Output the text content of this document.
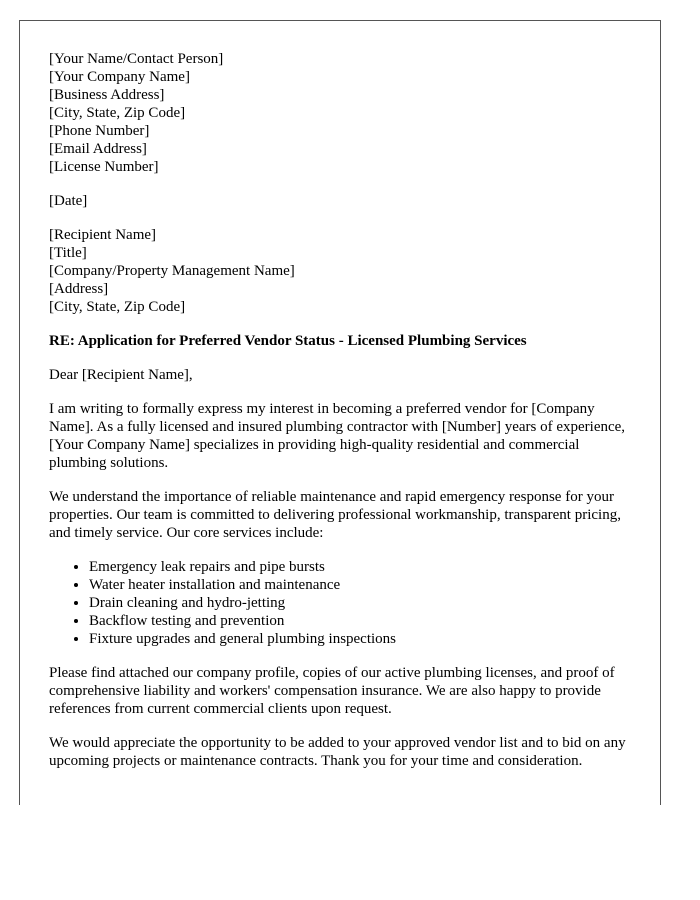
[Your Name/Contact Person]
[Your Company Name]
[Business Address]
[City, State, Zip Code]
[Phone Number]
[Email Address]
[License Number]
[Date]
[Recipient Name]
[Title]
[Company/Property Management Name]
[Address]
[City, State, Zip Code]
RE: Application for Preferred Vendor Status - Licensed Plumbing Services

Dear [Recipient Name],

I am writing to formally express my interest in becoming a preferred vendor for [Company Name]. As a fully licensed and insured plumbing contractor with [Number] years of experience, [Your Company Name] specializes in providing high-quality residential and commercial plumbing solutions.

We understand the importance of reliable maintenance and rapid emergency response for your properties. Our team is committed to delivering professional workmanship, transparent pricing, and timely service. Our core services include:

• Emergency leak repairs and pipe bursts
• Water heater installation and maintenance
• Drain cleaning and hydro-jetting
• Backflow testing and prevention
• Fixture upgrades and general plumbing inspections

Please find attached our company profile, copies of our active plumbing licenses, and proof of comprehensive liability and workers' compensation insurance. We are also happy to provide references from current commercial clients upon request.

We would appreciate the opportunity to be added to your approved vendor list and to bid on any upcoming projects or maintenance contracts. Thank you for your time and consideration.
